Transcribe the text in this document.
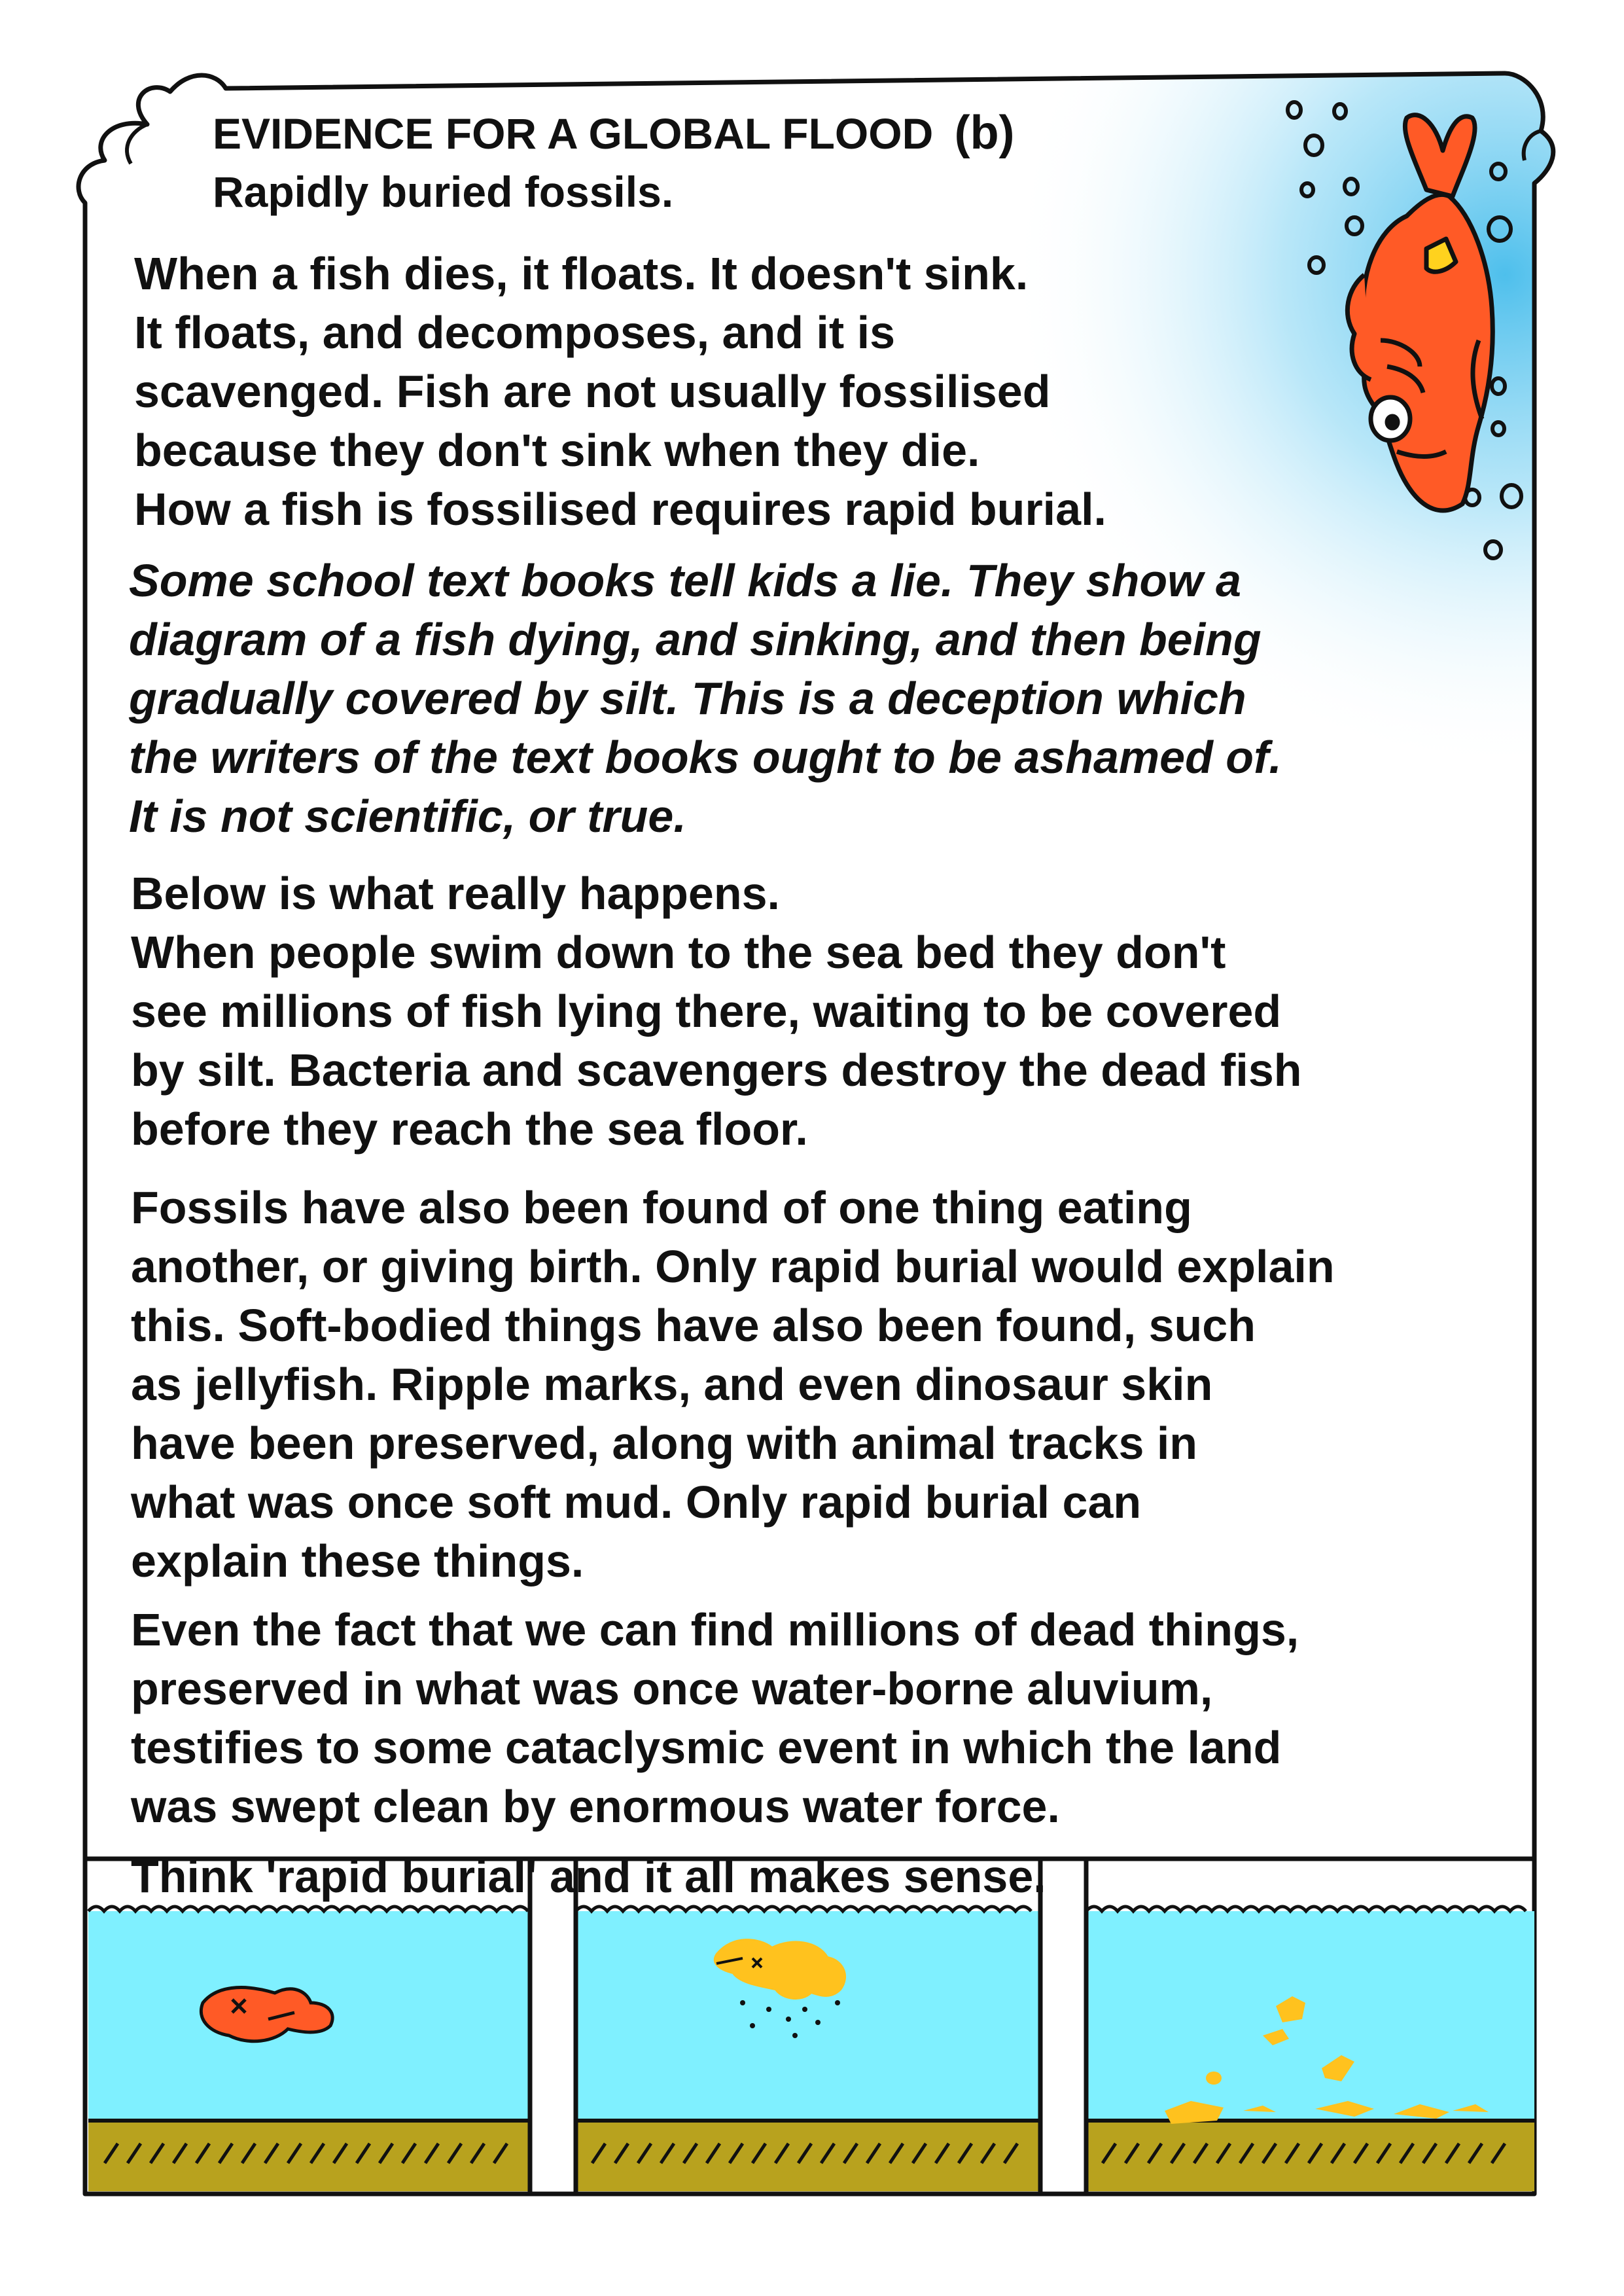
EVIDENCE FOR A GLOBAL FLOOD (b)
Rapidly buried fossils.
When a fish dies, it floats. It doesn't sink.
It floats, and decomposes, and it is
scavenged. Fish are not usually fossilised
because they don't sink when they die.
How a fish is fossilised requires rapid burial.
Some school text books tell kids a lie. They show a
diagram of a fish dying, and sinking, and then being
gradually covered by silt. This is a deception which
the writers of the text books ought to be ashamed of.
It is not scientific, or true.
Below is what really happens.
When people swim down to the sea bed they don't
see millions of fish lying there, waiting to be covered
by silt. Bacteria and scavengers destroy the dead fish
before they reach the sea floor.
Fossils have also been found of one thing eating
another, or giving birth. Only rapid burial would explain
this. Soft-bodied things have also been found, such
as jellyfish. Ripple marks, and even dinosaur skin
have been preserved, along with animal tracks in
what was once soft mud. Only rapid burial can
explain these things.
Even the fact that we can find millions of dead things,
preserved in what was once water-borne aluvium,
testifies to some cataclysmic event in which the land
was swept clean by enormous water force.
Think 'rapid burial' and it all makes sense.
